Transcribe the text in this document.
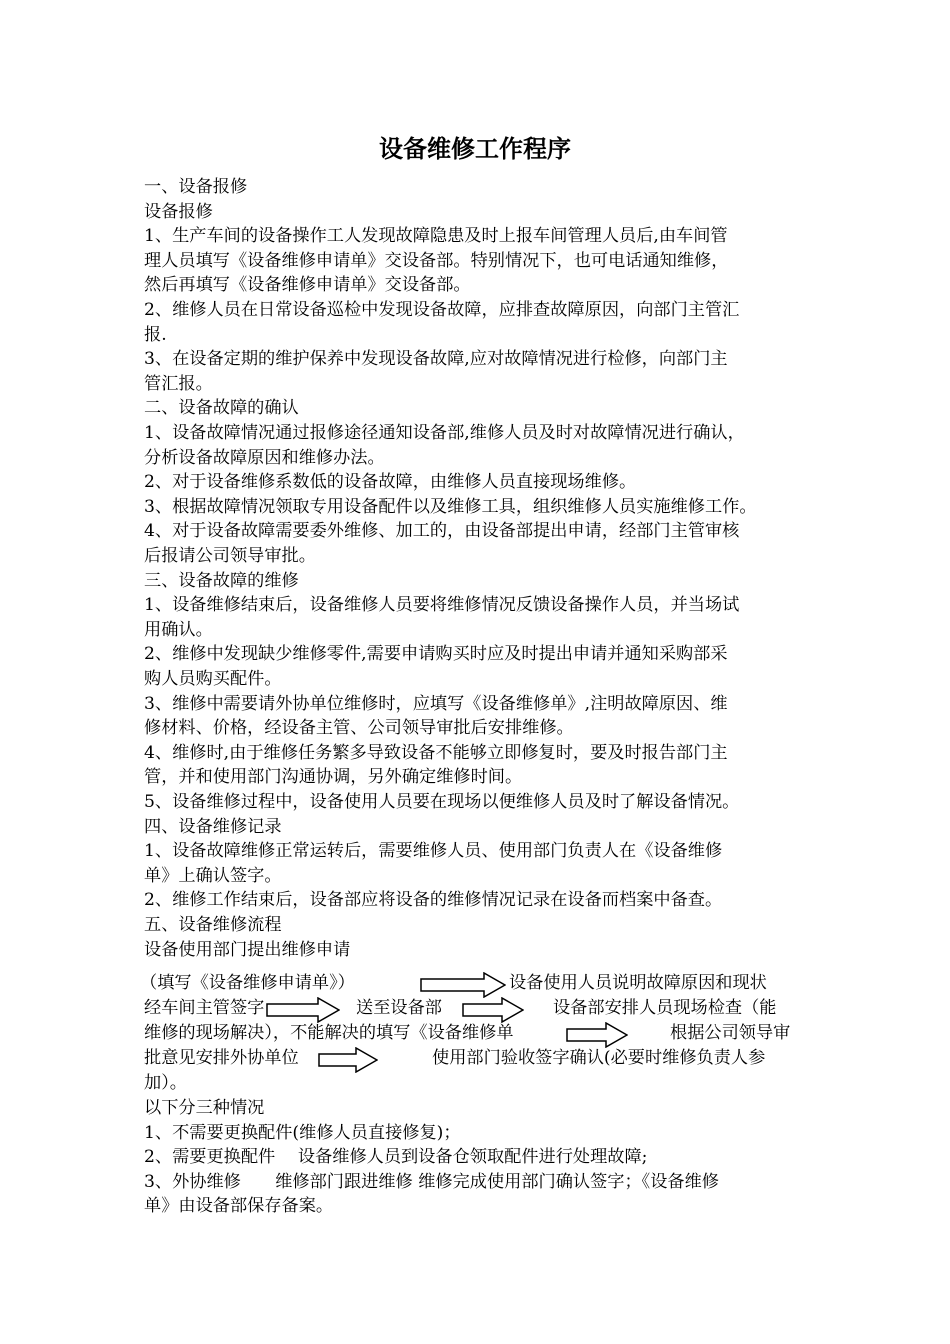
设备维修工作程序
一、设备报修
设备报修
1、生产车间的设备操作工人发现故障隐患及时上报车间管理人员后,由车间管
理人员填写《设备维修申请单》交设备部。特别情况下，也可电话通知维修，
然后再填写《设备维修申请单》交设备部。
2、维修人员在日常设备巡检中发现设备故障，应排查故障原因，向部门主管汇
报.
3、在设备定期的维护保养中发现设备故障,应对故障情况进行检修，向部门主
管汇报。
二、设备故障的确认
1、设备故障情况通过报修途径通知设备部,维修人员及时对故障情况进行确认，
分析设备故障原因和维修办法。
2、对于设备维修系数低的设备故障，由维修人员直接现场维修。
3、根据故障情况领取专用设备配件以及维修工具，组织维修人员实施维修工作。
4、对于设备故障需要委外维修、加工的，由设备部提出申请，经部门主管审核
后报请公司领导审批。
三、设备故障的维修
1、设备维修结束后，设备维修人员要将维修情况反馈设备操作人员，并当场试
用确认。
2、维修中发现缺少维修零件,需要申请购买时应及时提出申请并通知采购部采
购人员购买配件。
3、维修中需要请外协单位维修时，应填写《设备维修单》,注明故障原因、维
修材料、价格，经设备主管、公司领导审批后安排维修。
4、维修时,由于维修任务繁多导致设备不能够立即修复时，要及时报告部门主
管，并和使用部门沟通协调，另外确定维修时间。
5、设备维修过程中，设备使用人员要在现场以便维修人员及时了解设备情况。
四、设备维修记录
1、设备故障维修正常运转后，需要维修人员、使用部门负责人在《设备维修
单》上确认签字。
2、维修工作结束后，设备部应将设备的维修情况记录在设备而档案中备查。
五、设备维修流程
设备使用部门提出维修申请
（填写《设备维修申请单》）	设备使用人员说明故障原因和现状
经车间主管签字	送至设备部	设备部安排人员现场检查（能
维修的现场解决），不能解决的填写《设备维修单	根据公司领导审
批意见安排外协单位	使用部门验收签字确认(必要时维修负责人参
加）。
以下分三种情况
1、不需要更换配件(维修人员直接修复)；
2、需要更换配件　 设备维修人员到设备仓领取配件进行处理故障;
3、外协维修　　维修部门跟进维修 维修完成使用部门确认签字；《设备维修
单》由设备部保存备案。
